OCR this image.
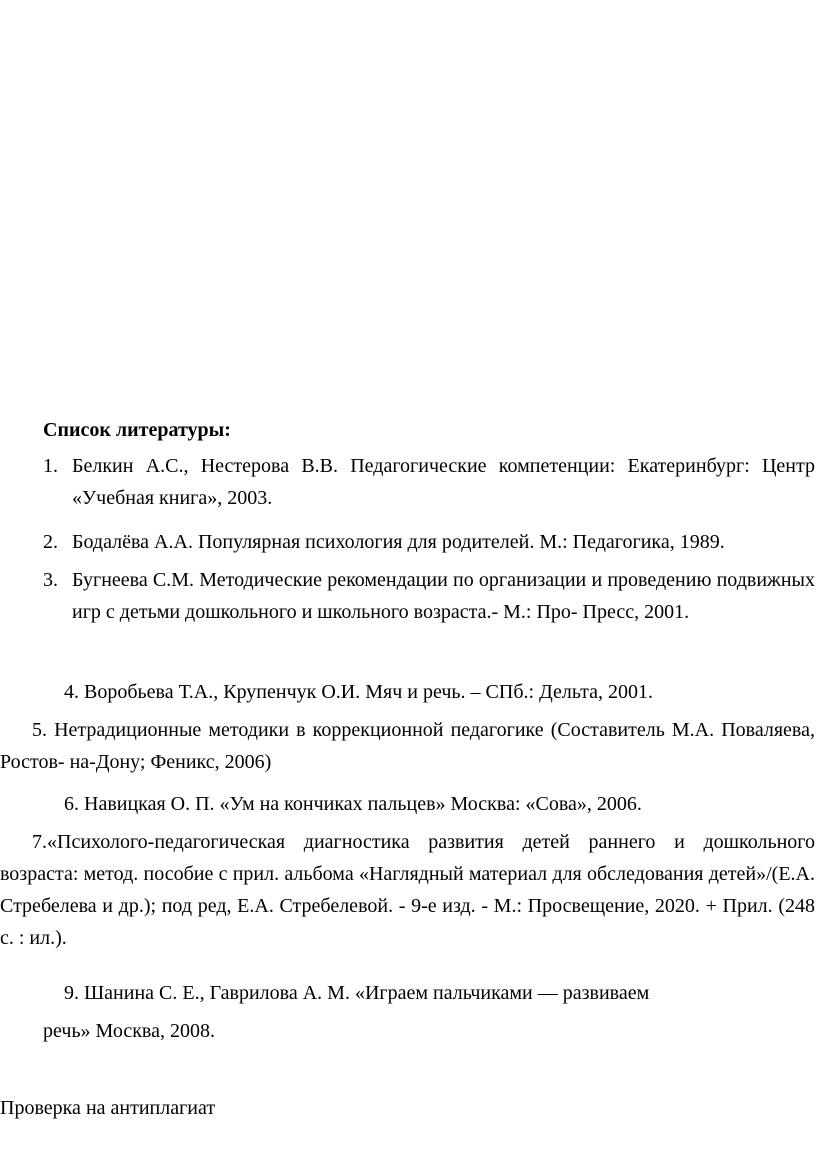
Список литературы:
1. Белкин А.С., Нестерова В.В. Педагогические компетенции: Екатеринбург: Центр «Учебная книга», 2003.
2. Бодалёва А.А. Популярная психология для родителей. М.: Педагогика, 1989.
3. Бугнеева С.М. Методические рекомендации по организации и проведению подвижных игр с детьми дошкольного и школьного возраста.- М.: Про- Пресс, 2001.
4. Воробьева Т.А., Крупенчук О.И. Мяч и речь. – СПб.: Дельта, 2001.
5. Нетрадиционные методики в коррекционной педагогике (Составитель М.А. Поваляева, Ростов- на-Дону; Феникс, 2006)
6. Навицкая О. П. «Ум на кончиках пальцев» Москва: «Сова», 2006.
7.«Психолого-педагогическая диагностика развития детей раннего и дошкольного возраста: метод. пособие с прил. альбома «Наглядный материал для обследования детей»/(Е.А. Стребелева и др.); под ред, Е.А. Стребелевой. - 9-е изд. - М.: Просвещение, 2020. + Прил. (248 с. : ил.).
9. Шанина С. Е., Гаврилова А. М. «Играем пальчиками — развиваем
речь» Москва, 2008.
Проверка на антиплагиат
